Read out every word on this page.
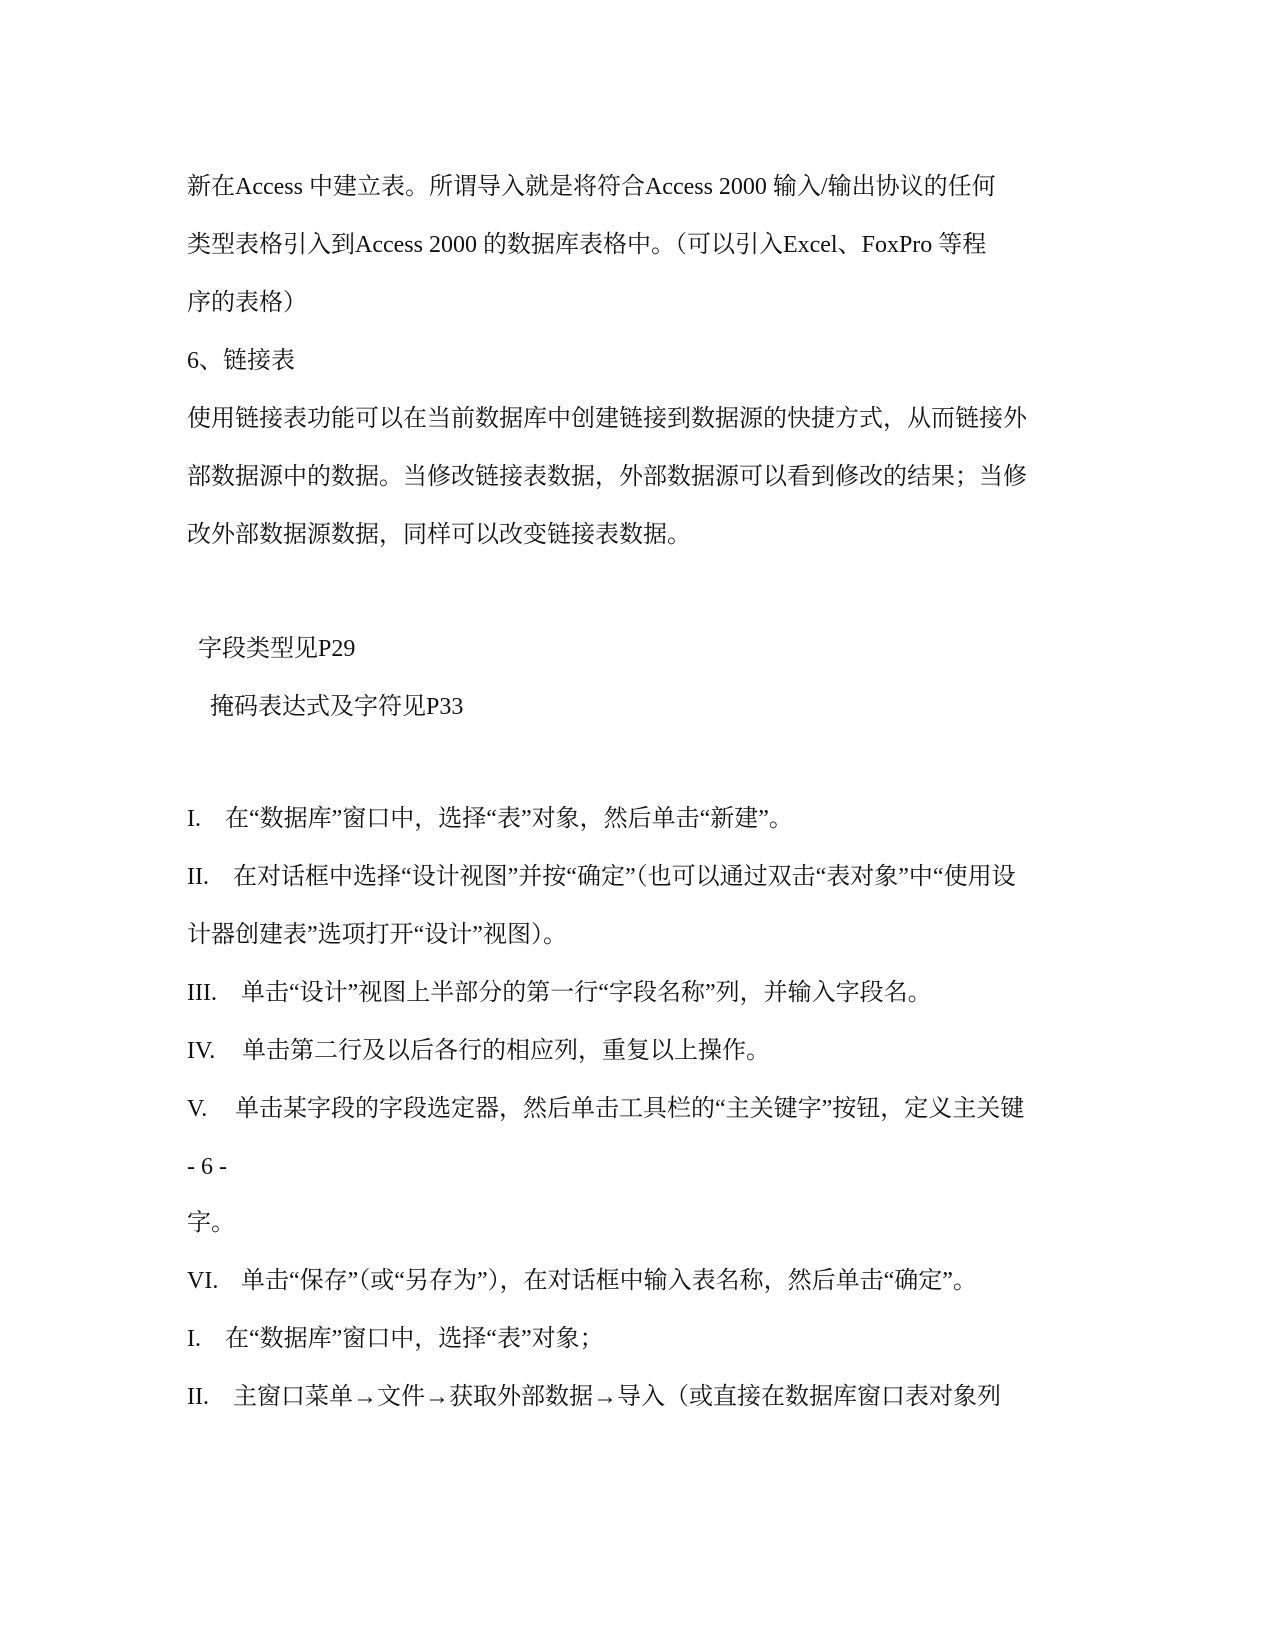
新在Access 中建立表。所谓导入就是将符合Access 2000 输入/输出协议的任何
类型表格引入到Access 2000 的数据库表格中。（可以引入Excel、FoxPro 等程
序的表格）
6、链接表
使用链接表功能可以在当前数据库中创建链接到数据源的快捷方式，从而链接外
部数据源中的数据。当修改链接表数据，外部数据源可以看到修改的结果；当修
改外部数据源数据，同样可以改变链接表数据。
字段类型见P29
掩码表达式及字符见P33
I. 在“数据库”窗口中，选择“表”对象，然后单击“新建”。
II. 在对话框中选择“设计视图”并按“确定”（也可以通过双击“表对象”中“使用设
计器创建表”选项打开“设计”视图）。
III. 单击“设计”视图上半部分的第一行“字段名称”列，并输入字段名。
IV. 单击第二行及以后各行的相应列，重复以上操作。
V. 单击某字段的字段选定器，然后单击工具栏的“主关键字”按钮，定义主关键
- 6 -
字。
VI. 单击“保存”（或“另存为”），在对话框中输入表名称，然后单击“确定”。
I. 在“数据库”窗口中，选择“表”对象；
II. 主窗口菜单→文件→获取外部数据→导入（或直接在数据库窗口表对象列
